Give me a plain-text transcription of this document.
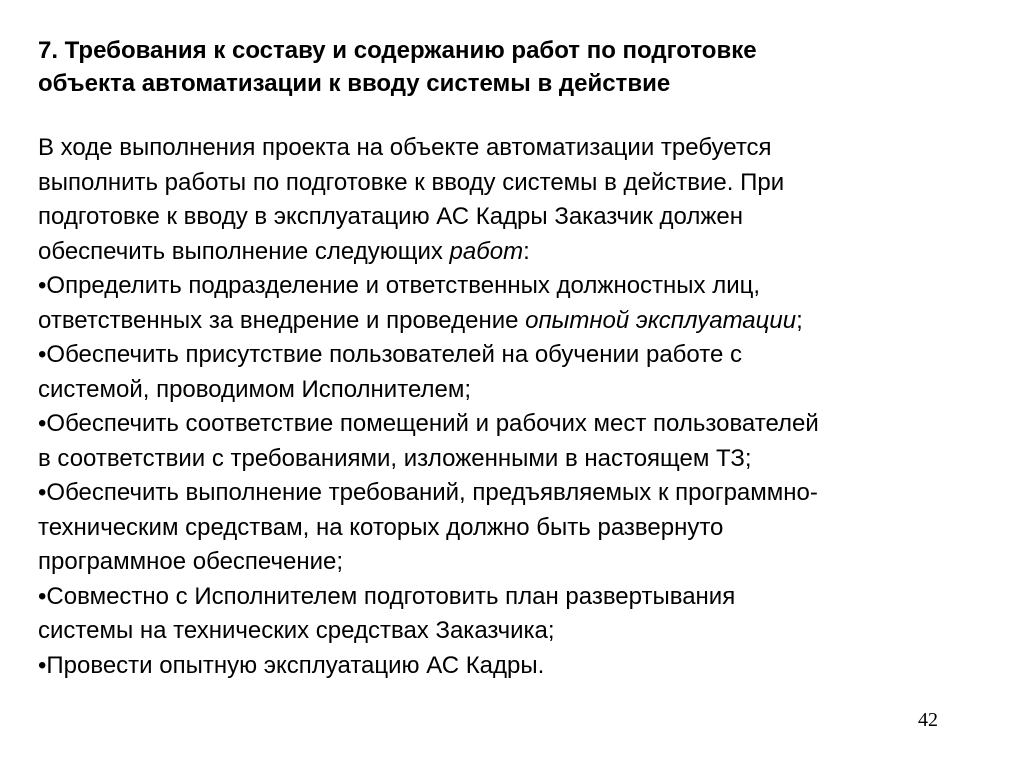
7. Требования к составу и содержанию работ по подготовке
объекта автоматизации к вводу системы в действие
В ходе выполнения проекта на объекте автоматизации требуется
выполнить работы по подготовке к вводу системы в действие. При
подготовке к вводу в эксплуатацию АС Кадры Заказчик должен
обеспечить выполнение следующих работ:
•Определить подразделение и ответственных должностных лиц,
ответственных за внедрение и проведение опытной эксплуатации;
•Обеспечить присутствие пользователей на обучении работе с
системой, проводимом Исполнителем;
•Обеспечить соответствие помещений и рабочих мест пользователей
в соответствии с требованиями, изложенными в настоящем ТЗ;
•Обеспечить выполнение требований, предъявляемых к программно-
техническим средствам, на которых должно быть развернуто
программное обеспечение;
•Совместно с Исполнителем подготовить план развертывания
системы на технических средствах Заказчика;
•Провести опытную эксплуатацию АС Кадры.
42
